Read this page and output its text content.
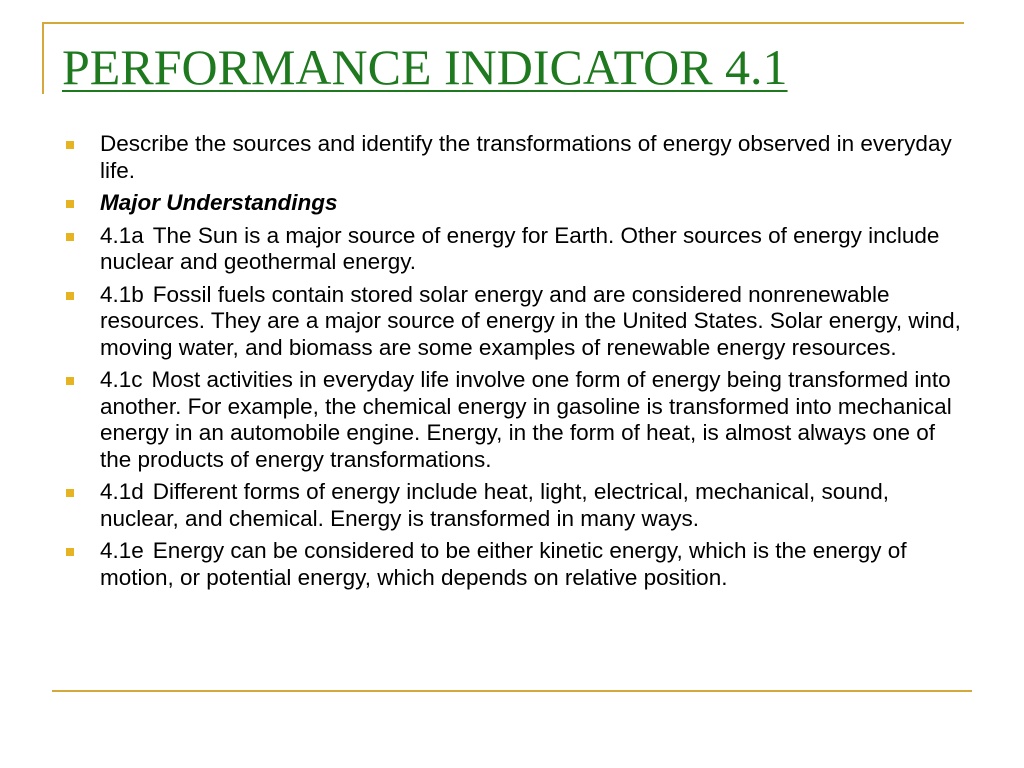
PERFORMANCE INDICATOR 4.1
Describe the sources and identify the transformations of energy observed in everyday life.
Major Understandings
4.1a The Sun is a major source of energy for Earth. Other sources of energy include nuclear and geothermal energy.
4.1b Fossil fuels contain stored solar energy and are considered nonrenewable resources. They are a major source of energy in the United States. Solar energy, wind, moving water, and biomass are some examples of renewable energy resources.
4.1c Most activities in everyday life involve one form of energy being transformed into another. For example, the chemical energy in gasoline is transformed into mechanical energy in an automobile engine. Energy, in the form of heat, is almost always one of the products of energy transformations.
4.1d Different forms of energy include heat, light, electrical, mechanical, sound, nuclear, and chemical. Energy is transformed in many ways.
4.1e Energy can be considered to be either kinetic energy, which is the energy of motion, or potential energy, which depends on relative position.
